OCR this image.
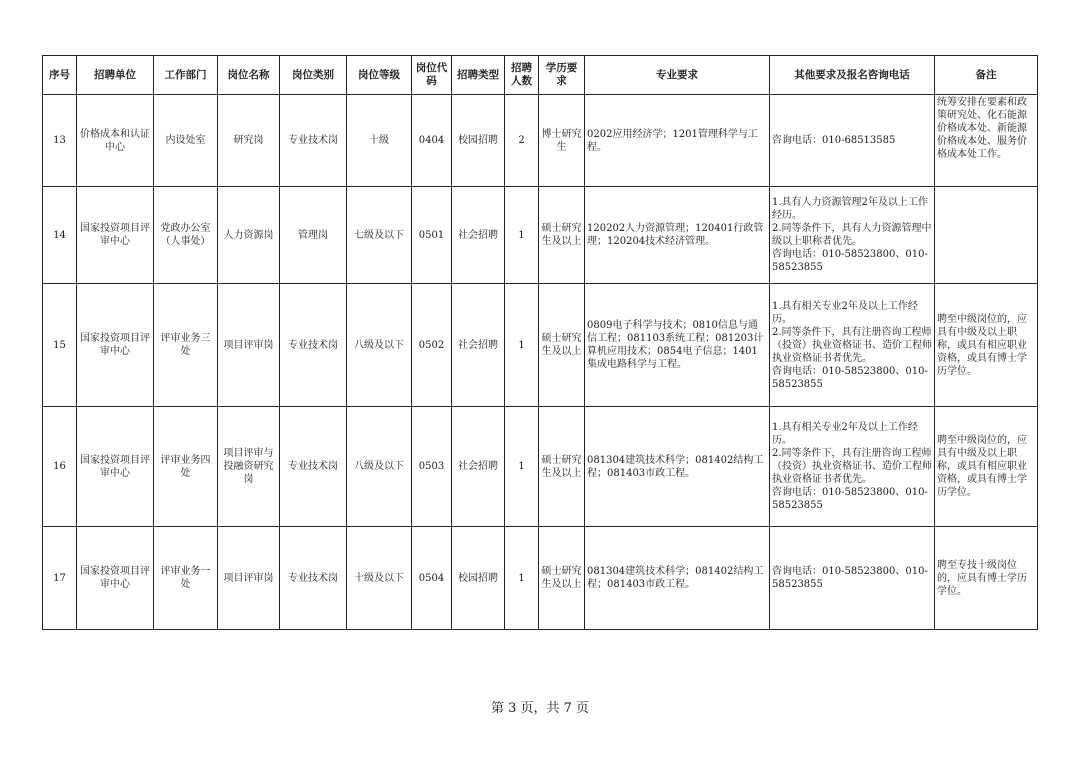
序号	招聘单位	工作部门	岗位名称	岗位类别	岗位等级	岗位代码	招聘类型	招聘人数	学历要求	专业要求	其他要求及报名咨询电话	备注
13	价格成本和认证中心	内设处室	研究岗	专业技术岗	十级	0404	校园招聘	2	博士研究生	0202应用经济学；1201管理科学与工程。	咨询电话：010-68513585	统筹安排在要素和政策研究处、化石能源价格成本处、新能源价格成本处、服务价格成本处工作。
14	国家投资项目评审中心	党政办公室（人事处）	人力资源岗	管理岗	七级及以下	0501	社会招聘	1	硕士研究生及以上	120202人力资源管理；120401行政管理；120204技术经济管理。	1.具有人力资源管理2年及以上工作经历。
2.同等条件下，具有人力资源管理中级以上职称者优先。
咨询电话：010-58523800、010-58523855	
15	国家投资项目评审中心	评审业务三处	项目评审岗	专业技术岗	八级及以下	0502	社会招聘	1	硕士研究生及以上	0809电子科学与技术；0810信息与通信工程；081103系统工程；081203计算机应用技术；0854电子信息；1401集成电路科学与工程。	1.具有相关专业2年及以上工作经历。
2.同等条件下，具有注册咨询工程师（投资）执业资格证书、造价工程师执业资格证书者优先。
咨询电话：010-58523800、010-58523855	聘至中级岗位的，应具有中级及以上职称，或具有相应职业资格，或具有博士学历学位。
16	国家投资项目评审中心	评审业务四处	项目评审与投融资研究岗	专业技术岗	八级及以下	0503	社会招聘	1	硕士研究生及以上	081304建筑技术科学；081402结构工程；081403市政工程。	1.具有相关专业2年及以上工作经历。
2.同等条件下，具有注册咨询工程师（投资）执业资格证书、造价工程师执业资格证书者优先。
咨询电话：010-58523800、010-58523855	聘至中级岗位的，应具有中级及以上职称，或具有相应职业资格，或具有博士学历学位。
17	国家投资项目评审中心	评审业务一处	项目评审岗	专业技术岗	十级及以下	0504	校园招聘	1	硕士研究生及以上	081304建筑技术科学；081402结构工程；081403市政工程。	咨询电话：010-58523800、010-58523855	聘至专技十级岗位的，应具有博士学历学位。
第 3 页，共 7 页
